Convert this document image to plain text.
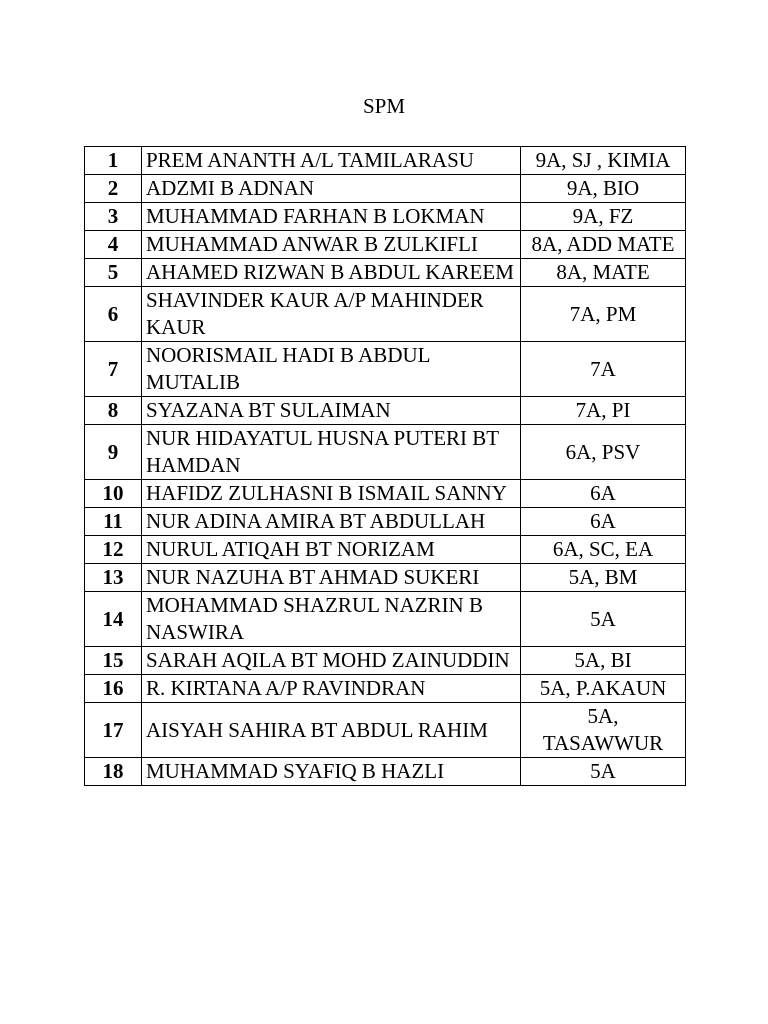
SPM
1	PREM ANANTH A/L TAMILARASU	9A, SJ , KIMIA
2	ADZMI B ADNAN	9A, BIO
3	MUHAMMAD FARHAN B LOKMAN	9A, FZ
4	MUHAMMAD ANWAR B ZULKIFLI	8A, ADD MATE
5	AHAMED RIZWAN B ABDUL KAREEM	8A, MATE
6	SHAVINDER KAUR A/P MAHINDER KAUR	7A, PM
7	NOORISMAIL HADI B ABDUL MUTALIB	7A
8	SYAZANA BT SULAIMAN	7A, PI
9	NUR HIDAYATUL HUSNA PUTERI BT HAMDAN	6A, PSV
10	HAFIDZ ZULHASNI B ISMAIL SANNY	6A
11	NUR ADINA AMIRA BT ABDULLAH	6A
12	NURUL ATIQAH BT NORIZAM	6A, SC, EA
13	NUR NAZUHA BT AHMAD SUKERI	5A, BM
14	MOHAMMAD SHAZRUL NAZRIN B NASWIRA	5A
15	SARAH AQILA BT MOHD ZAINUDDIN	5A, BI
16	R. KIRTANA A/P RAVINDRAN	5A, P.AKAUN
17	AISYAH SAHIRA BT ABDUL RAHIM	5A, TASAWWUR
18	MUHAMMAD SYAFIQ B HAZLI	5A
